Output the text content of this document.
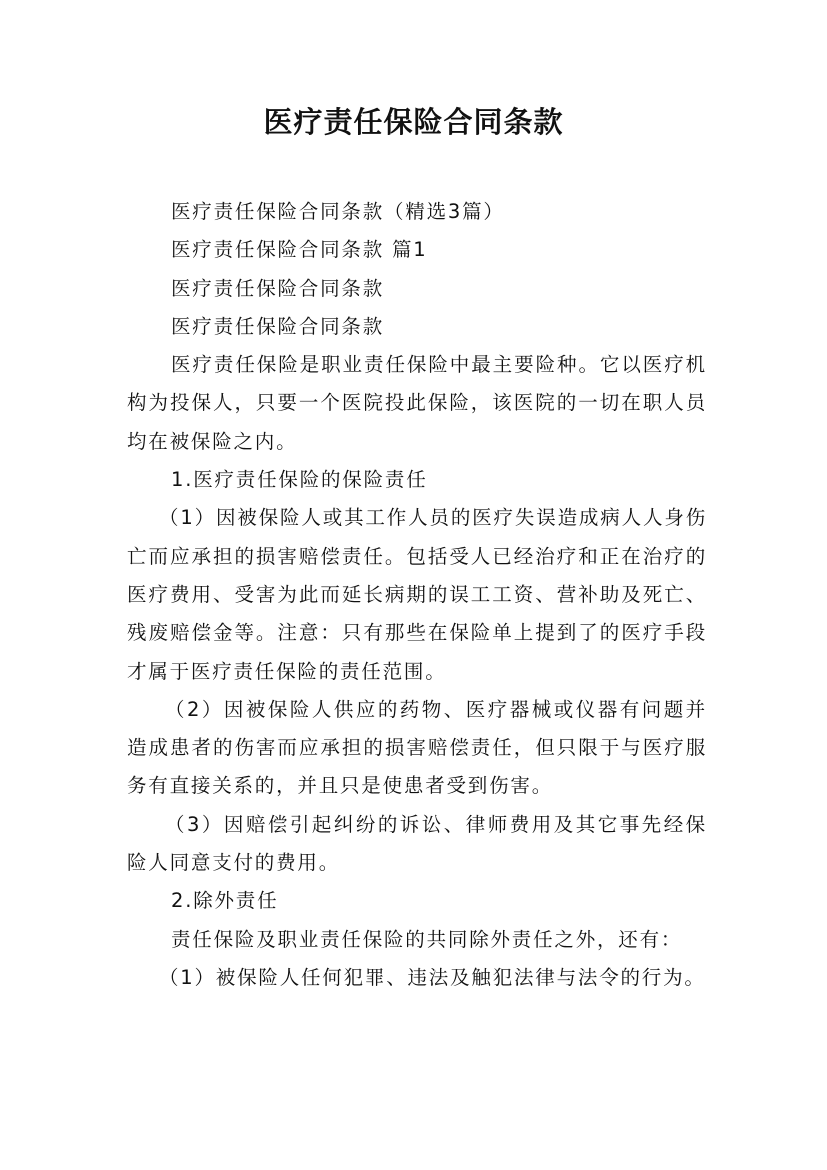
医疗责任保险合同条款

医疗责任保险合同条款（精选3篇）

医疗责任保险合同条款 篇1

医疗责任保险合同条款

医疗责任保险合同条款

医疗责任保险是职业责任保险中最主要险种。它以医疗机构为投保人，只要一个医院投此保险，该医院的一切在职人员均在被保险之内。

1.医疗责任保险的保险责任

（1）因被保险人或其工作人员的医疗失误造成病人人身伤亡而应承担的损害赔偿责任。包括受人已经治疗和正在治疗的医疗费用、受害为此而延长病期的误工工资、营补助及死亡、残废赔偿金等。注意：只有那些在保险单上提到了的医疗手段才属于医疗责任保险的责任范围。

（2）因被保险人供应的药物、医疗器械或仪器有问题并造成患者的伤害而应承担的损害赔偿责任，但只限于与医疗服务有直接关系的，并且只是使患者受到伤害。

（3）因赔偿引起纠纷的诉讼、律师费用及其它事先经保险人同意支付的费用。

2.除外责任

责任保险及职业责任保险的共同除外责任之外，还有：

（1）被保险人任何犯罪、违法及触犯法律与法令的行为。
